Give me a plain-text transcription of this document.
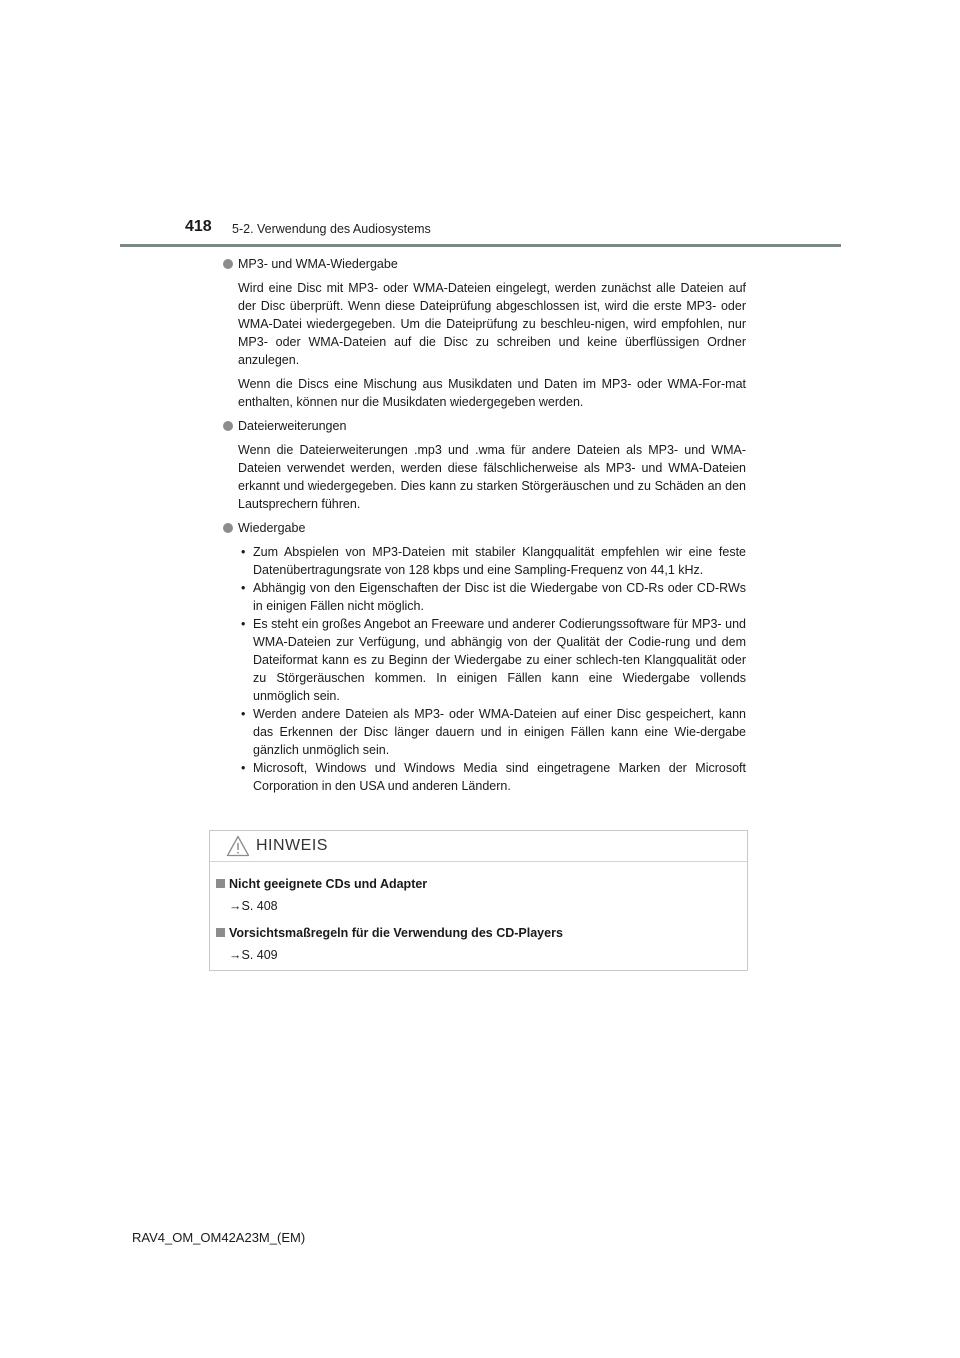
418 5-2. Verwendung des Audiosystems
MP3- und WMA-Wiedergabe

Wird eine Disc mit MP3- oder WMA-Dateien eingelegt, werden zunächst alle Dateien auf der Disc überprüft. Wenn diese Dateiprüfung abgeschlossen ist, wird die erste MP3- oder WMA-Datei wiedergegeben. Um die Dateiprüfung zu beschleu-nigen, wird empfohlen, nur MP3- oder WMA-Dateien auf die Disc zu schreiben und keine überflüssigen Ordner anzulegen.

Wenn die Discs eine Mischung aus Musikdaten und Daten im MP3- oder WMA-For-mat enthalten, können nur die Musikdaten wiedergegeben werden.

Dateierweiterungen

Wenn die Dateierweiterungen .mp3 und .wma für andere Dateien als MP3- und WMA-Dateien verwendet werden, werden diese fälschlicherweise als MP3- und WMA-Dateien erkannt und wiedergegeben. Dies kann zu starken Störgeräuschen und zu Schäden an den Lautsprechern führen.

Wiedergabe
• Zum Abspielen von MP3-Dateien mit stabiler Klangqualität empfehlen wir eine feste Datenübertragungsrate von 128 kbps und eine Sampling-Frequenz von 44,1 kHz.
• Abhängig von den Eigenschaften der Disc ist die Wiedergabe von CD-Rs oder CD-RWs in einigen Fällen nicht möglich.
• Es steht ein großes Angebot an Freeware und anderer Codierungssoftware für MP3- und WMA-Dateien zur Verfügung, und abhängig von der Qualität der Codie-rung und dem Dateiformat kann es zu Beginn der Wiedergabe zu einer schlech-ten Klangqualität oder zu Störgeräuschen kommen. In einigen Fällen kann eine Wiedergabe vollends unmöglich sein.
• Werden andere Dateien als MP3- oder WMA-Dateien auf einer Disc gespeichert, kann das Erkennen der Disc länger dauern und in einigen Fällen kann eine Wie-dergabe gänzlich unmöglich sein.
• Microsoft, Windows und Windows Media sind eingetragene Marken der Microsoft Corporation in den USA und anderen Ländern.
HINWEIS
Nicht geeignete CDs und Adapter
→S. 408
Vorsichtsmaßregeln für die Verwendung des CD-Players
→S. 409
RAV4_OM_OM42A23M_(EM)
